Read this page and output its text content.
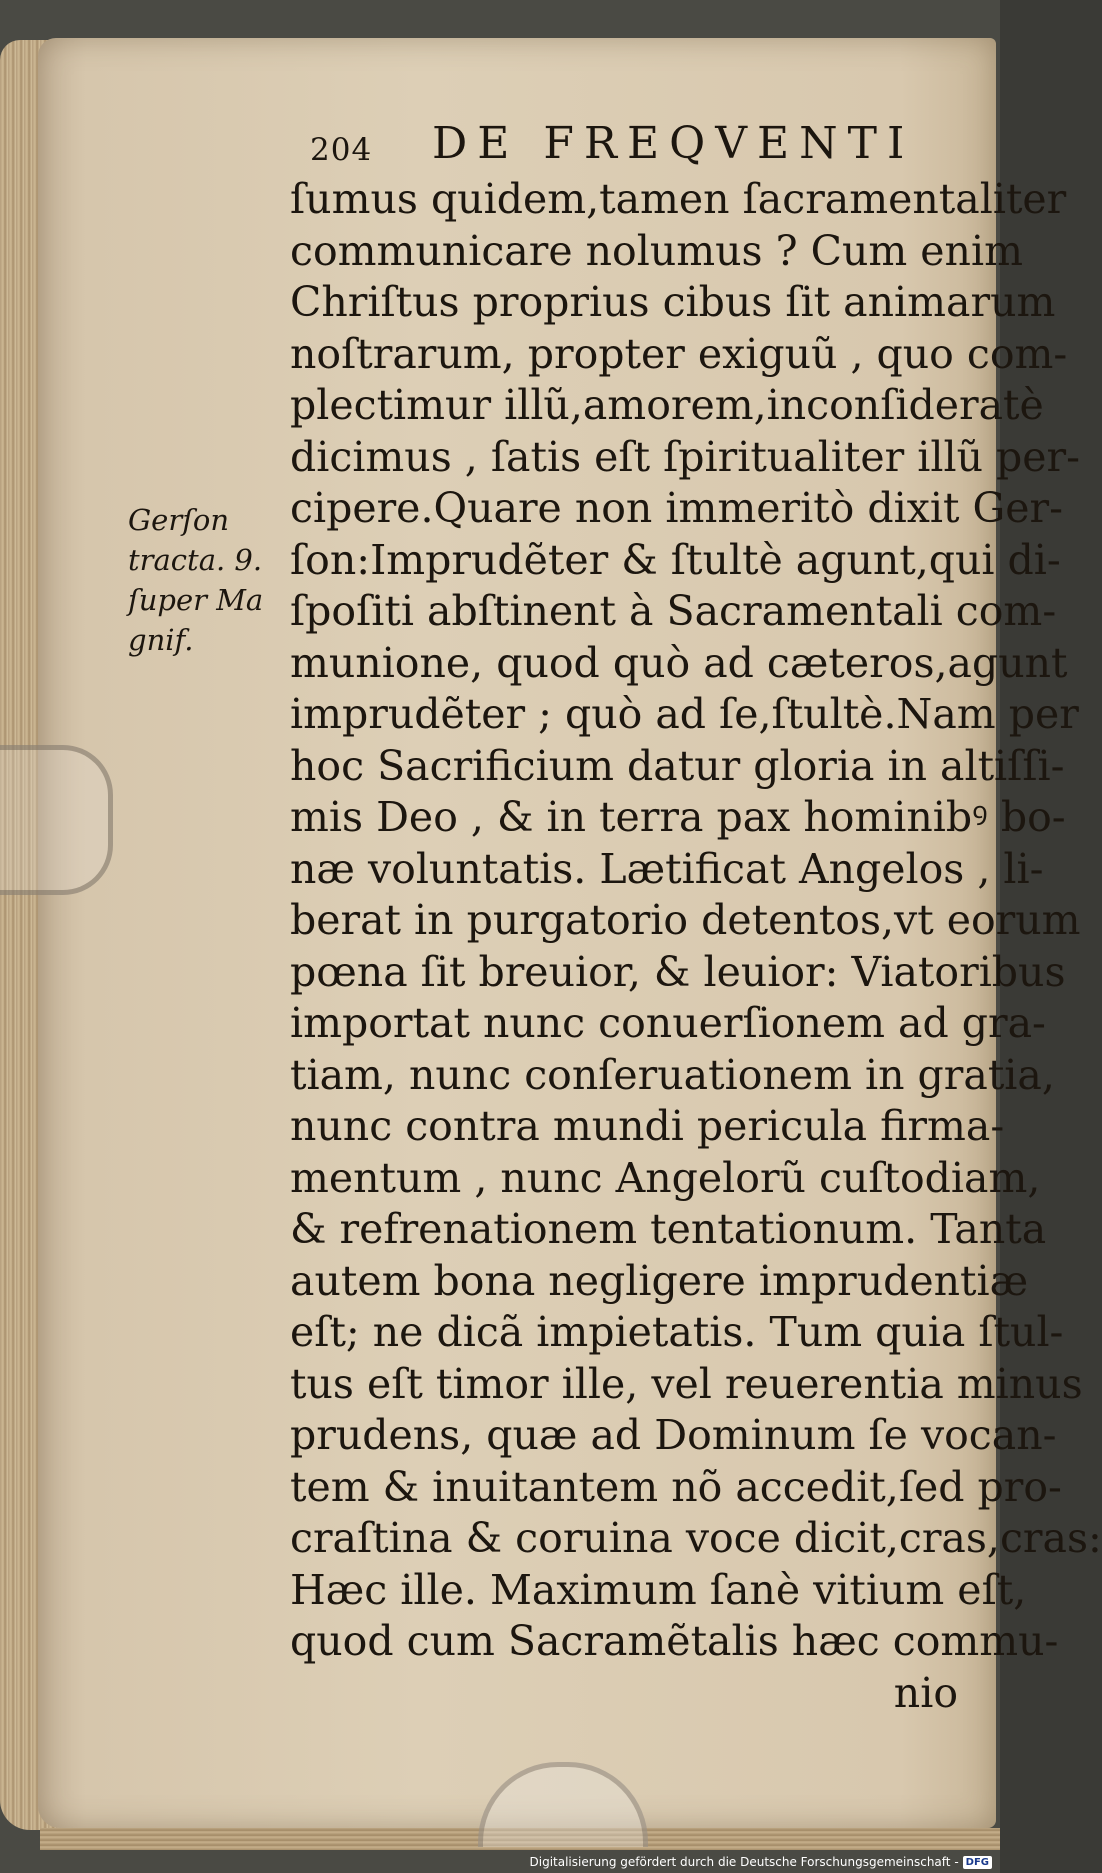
204 DE FREQVENTI
Gerſon
tracta. 9.
ſuper Ma
gnif.
ſumus quidem,tamen ſacramentaliter
communicare nolumus ? Cum enim
Chriſtus proprius cibus ſit animarum
noſtrarum, propter exiguũ , quo com-
plectimur illũ,amorem,inconſideratè
dicimus , ſatis eſt ſpiritualiter illũ per-
cipere.Quare non immeritò dixit Ger-
ſon:Imprudẽter & ſtultè agunt,qui di-
ſpoſiti abſtinent à Sacramentali com-
munione, quod quò ad cæteros,agunt
imprudẽter ; quò ad ſe,ſtultè.Nam per
hoc Sacrificium datur gloria in altiſſi-
mis Deo , & in terra pax hominibꝰ bo-
næ voluntatis. Lætificat Angelos , li-
berat in purgatorio detentos,vt eorum
pœna ſit breuior, & leuior: Viatoribus
importat nunc conuerſionem ad gra-
tiam, nunc conſeruationem in gratia,
nunc contra mundi pericula firma-
mentum , nunc Angelorũ cuſtodiam,
& refrenationem tentationum. Tanta
autem bona negligere imprudentiæ
eſt; ne dicã impietatis. Tum quia ſtul-
tus eſt timor ille, vel reuerentia minus
prudens, quæ ad Dominum ſe vocan-
tem & inuitantem nõ accedit,ſed pro-
craſtina & coruina voce dicit,cras,cras:
Hæc ille. Maximum ſanè vitium eſt,
quod cum Sacramẽtalis hæc commu-
nio
Digitalisierung gefördert durch die Deutsche Forschungsgemeinschaft - DFG
